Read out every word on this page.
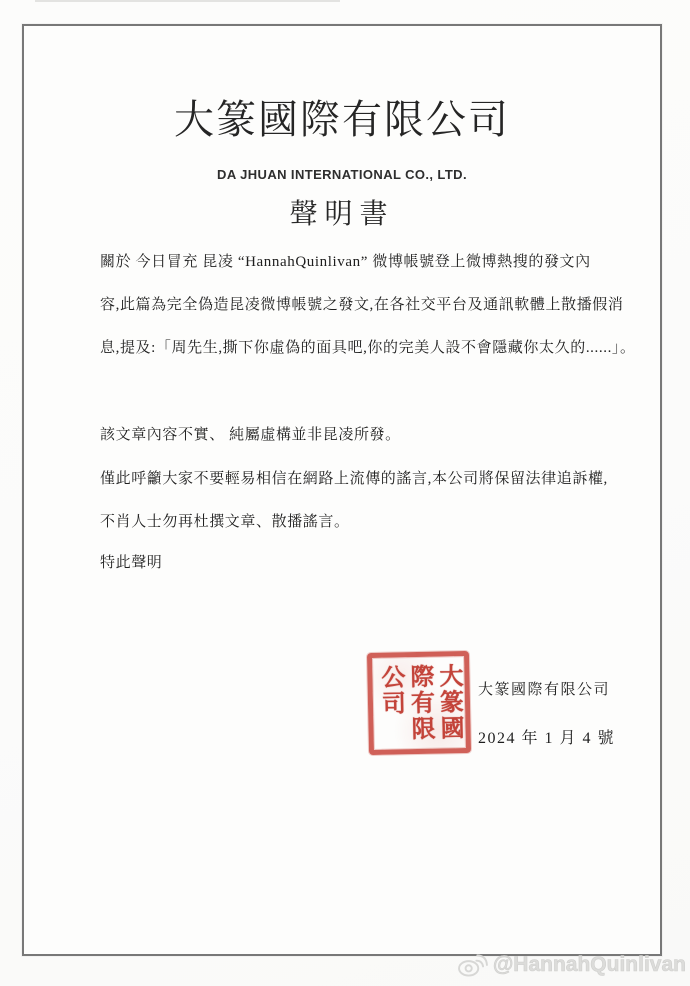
大篆國際有限公司
DA JHUAN INTERNATIONAL CO., LTD.
聲明書
關於 今日冒充 昆凌 “HannahQuinlivan” 微博帳號登上微博熱搜的發文內
容,此篇為完全偽造昆凌微博帳號之發文,在各社交平台及通訊軟體上散播假消
息,提及:「周先生,撕下你虛偽的面具吧,你的完美人設不會隱藏你太久的......」。
該文章內容不實、 純屬虛構並非昆凌所發。
僅此呼籲大家不要輕易相信在網路上流傳的謠言,本公司將保留法律追訴權,
不肖人士勿再杜撰文章、散播謠言。
特此聲明
大篆國
際有限
公司	大篆國際有限公司
2024 年 1 月 4 號
@HannahQuinlivan
